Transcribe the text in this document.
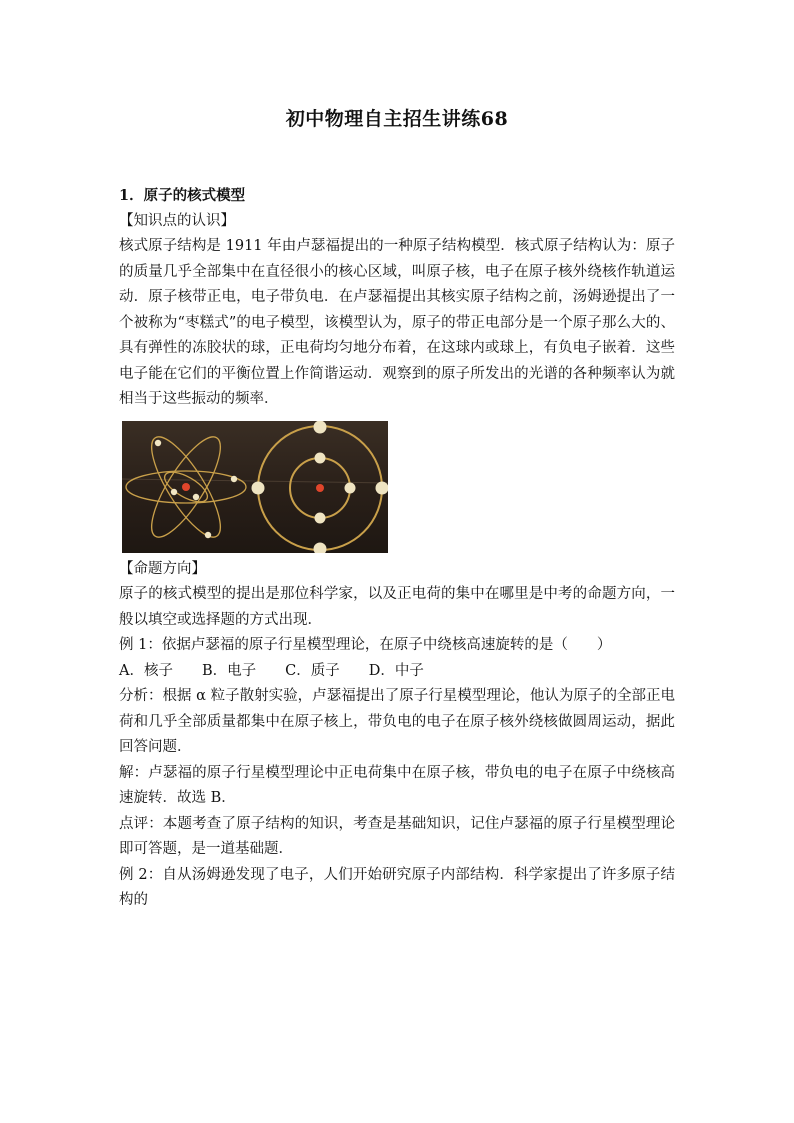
初中物理自主招生讲练68
1．原子的核式模型
【知识点的认识】
核式原子结构是 1911 年由卢瑟福提出的一种原子结构模型．核式原子结构认为：原子的质量几乎全部集中在直径很小的核心区域，叫原子核，电子在原子核外绕核作轨道运动．原子核带正电，电子带负电．在卢瑟福提出其核实原子结构之前，汤姆逊提出了一个被称为“枣糕式”的电子模型，该模型认为，原子的带正电部分是一个原子那么大的、具有弹性的冻胶状的球，正电荷均匀地分布着，在这球内或球上，有负电子嵌着．这些电子能在它们的平衡位置上作简谐运动．观察到的原子所发出的光谱的各种频率认为就相当于这些振动的频率．
【命题方向】
原子的核式模型的提出是那位科学家，以及正电荷的集中在哪里是中考的命题方向，一般以填空或选择题的方式出现．
例 1：依据卢瑟福的原子行星模型理论，在原子中绕核高速旋转的是（　　）
A．核子　　B．电子　　C．质子　　D．中子
分析：根据 α 粒子散射实验，卢瑟福提出了原子行星模型理论，他认为原子的全部正电荷和几乎全部质量都集中在原子核上，带负电的电子在原子核外绕核做圆周运动，据此回答问题．
解：卢瑟福的原子行星模型理论中正电荷集中在原子核，带负电的电子在原子中绕核高速旋转．故选 B．
点评：本题考查了原子结构的知识，考查是基础知识，记住卢瑟福的原子行星模型理论即可答题，是一道基础题．
例 2：自从汤姆逊发现了电子，人们开始研究原子内部结构．科学家提出了许多原子结构的
